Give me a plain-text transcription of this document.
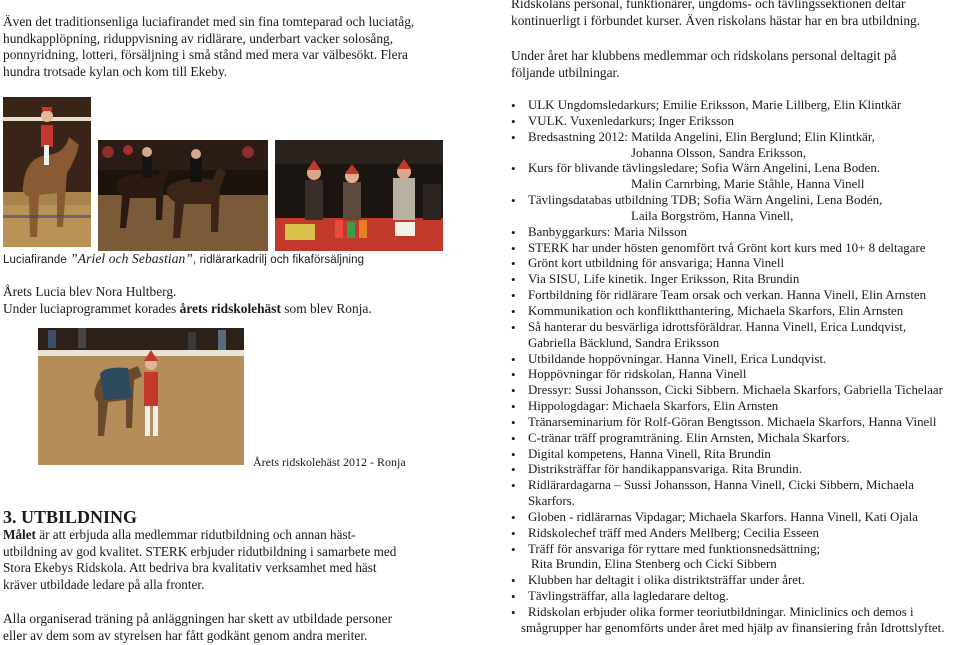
Även det traditionsenliga luciafirandet med sin fina tomteparad och luciatåg,
hundkapplöpning, riduppvisning av ridlärare, underbart vacker solosång,
ponnyridning, lotteri, försäljning i små stånd med mera var välbesökt. Flera
hundra trotsade kylan och kom till Ekeby.
Luciafirande ”Ariel och Sebastian”, ridlärarkadrilj och fikaförsäljning
Årets Lucia blev Nora Hultberg.
Under luciaprogrammet korades årets ridskolehäst som blev Ronja.
Årets ridskolehäst 2012 - Ronja
3. UTBILDNING
Målet är att erbjuda alla medlemmar ridutbildning och annan häst-
utbildning av god kvalitet. STERK erbjuder ridutbildning i samarbete med
Stora Ekebys Ridskola. Att bedriva bra kvalitativ verksamhet med häst
kräver utbildade ledare på alla fronter.
Alla organiserad träning på anläggningen har skett av utbildade personer
eller av dem som av styrelsen har fått godkänt genom andra meriter.
Ridskolans personal, funktionärer, ungdoms- och tävlingssektionen deltar
kontinuerligt i förbundet kurser. Även riskolans hästar har en bra utbildning.
Under året har klubbens medlemmar och ridskolans personal deltagit på
följande utbilningar.
• ULK Ungdomsledarkurs; Emilie Eriksson, Marie Lillberg, Elin Klintkär
• VULK. Vuxenledarkurs; Inger Eriksson
• Bredsastning 2012: Matilda Angelini, Elin Berglund; Elin Klintkär,
Johanna Olsson, Sandra Eriksson,
• Kurs för blivande tävlingsledare; Sofia Wärn Angelini, Lena Boden.
Malin Carnrbing, Marie Ståhle, Hanna Vinell
• Tävlingsdatabas utbildning TDB; Sofia Wärn Angelini, Lena Bodén,
Laila Borgström, Hanna Vinell,
• Banbyggarkurs: Maria Nilsson
• STERK har under hösten genomfört två Grönt kort kurs med 10+ 8 deltagare
• Grönt kort utbildning för ansvariga; Hanna Vinell
• Via SISU, Life kinetik. Inger Eriksson, Rita Brundin
• Fortbildning för ridlärare Team orsak och verkan. Hanna Vinell, Elin Arnsten
• Kommunikation och konfliktthantering, Michaela Skarfors, Elin Arnsten
• Så hanterar du besvärliga idrottsföräldrar. Hanna Vinell, Erica Lundqvist,
Gabriella Bäcklund, Sandra Eriksson
• Utbildande hoppövningar. Hanna Vinell, Erica Lundqvist.
• Hoppövningar för ridskolan, Hanna Vinell
• Dressyr: Sussi Johansson, Cicki Sibbern. Michaela Skarfors, Gabriella Tichelaar
• Hippologdagar: Michaela Skarfors, Elin Arnsten
• Tränarseminarium för Rolf-Göran Bengtsson. Michaela Skarfors, Hanna Vinell
• C-tränar träff programträning. Elin Arnsten, Michala Skarfors.
• Digital kompetens, Hanna Vinell, Rita Brundin
• Distriksträffar för handikappansvariga. Rita Brundin.
• Ridlärardagarna – Sussi Johansson, Hanna Vinell, Cicki Sibbern, Michaela
Skarfors.
• Globen - ridlärarnas Vipdagar; Michaela Skarfors. Hanna Vinell, Kati Ojala
• Ridskolechef träff med Anders Mellberg; Cecilia Esseen
• Träff för ansvariga för ryttare med funktionsnedsättning;
Rita Brundin, Elina Stenberg och Cicki Sibbern
• Klubben har deltagit i olika distriktsträffar under året.
• Tävlingsträffar, alla lagledarare deltog.
• Ridskolan erbjuder olika former teoriutbildningar. Miniclinics och demos i
smågrupper har genomförts under året med hjälp av finansiering från Idrottslyftet.
